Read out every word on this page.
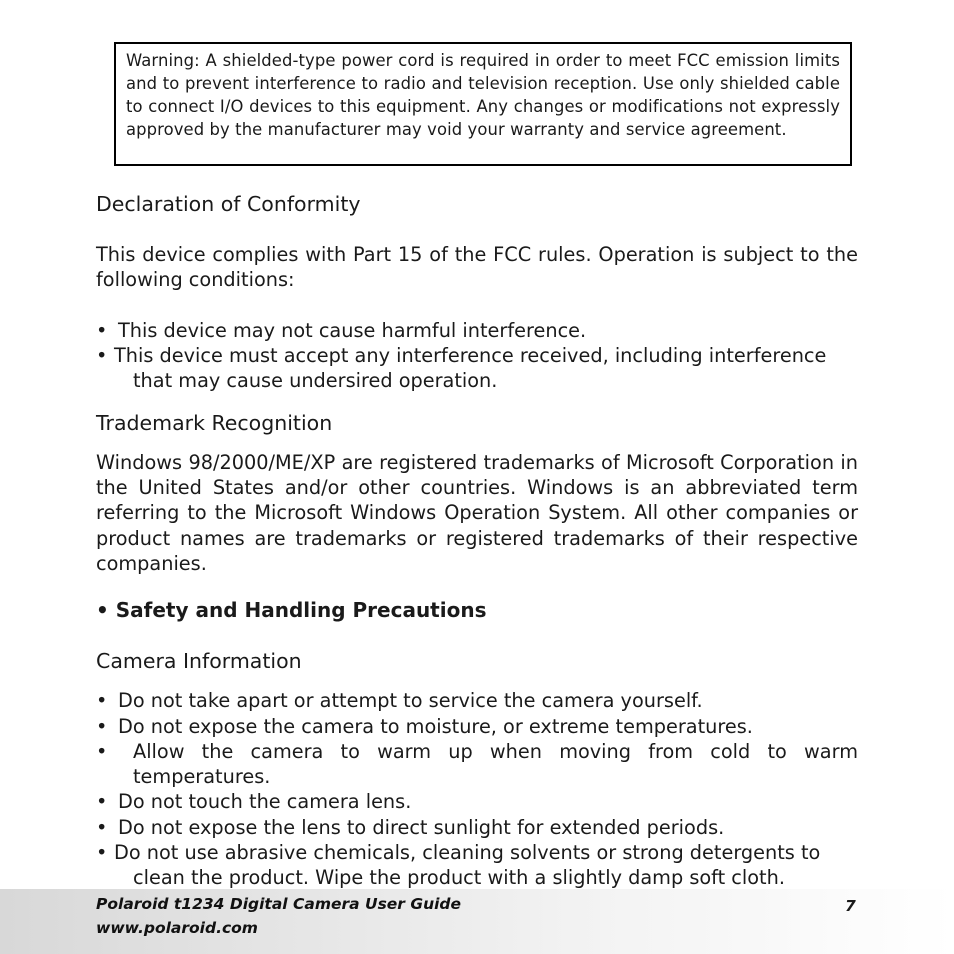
Warning: A shielded-type power cord is required in order to meet FCC emission limits and to prevent interference to radio and television reception. Use only shielded cable to connect I/O devices to this equipment. Any changes or modifications not expressly approved by the manufacturer may void your warranty and service agreement.

Declaration of Conformity

This device complies with Part 15 of the FCC rules. Operation is subject to the following conditions:

• This device may not cause harmful interference.
• This device must accept any interference received, including interference
that may cause undersired operation.
Trademark Recognition

Windows 98/2000/ME/XP are registered trademarks of Microsoft Corporation in the United States and/or other countries. Windows is an abbreviated term referring to the Microsoft Windows Operation System. All other companies or product names are trademarks or registered trademarks of their respective companies.

• Safety and Handling Precautions
Camera Information
• Do not take apart or attempt to service the camera yourself.
• Do not expose the camera to moisture, or extreme temperatures.
• Allow the camera to warm up when moving from cold to warm
temperatures.
• Do not touch the camera lens.
• Do not expose the lens to direct sunlight for extended periods.
• Do not use abrasive chemicals, cleaning solvents or strong detergents to
clean the product. Wipe the product with a slightly damp soft cloth.
Polaroid t1234 Digital Camera User Guide
www.polaroid.com
7
